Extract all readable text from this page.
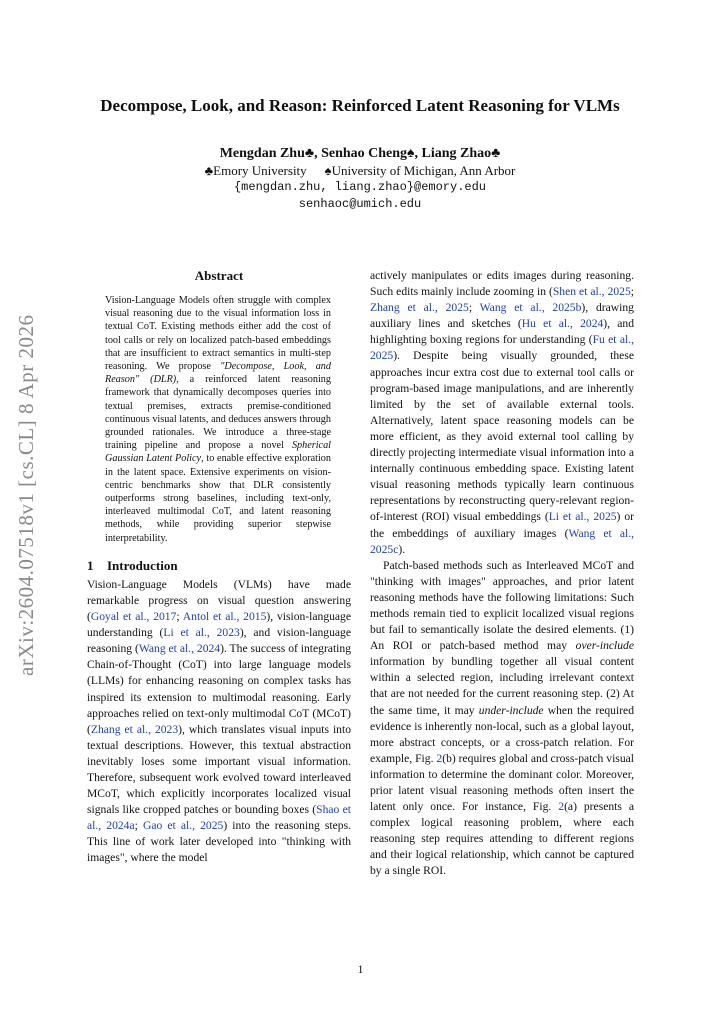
arXiv:2604.07518v1 [cs.CL] 8 Apr 2026
Decompose, Look, and Reason: Reinforced Latent Reasoning for VLMs
Mengdan Zhu♣, Senhao Cheng♠, Liang Zhao♣
♣Emory University ♠University of Michigan, Ann Arbor
{mengdan.zhu, liang.zhao}@emory.edu
senhaoc@umich.edu
Abstract
Vision-Language Models often struggle with complex visual reasoning due to the visual information loss in textual CoT. Existing methods either add the cost of tool calls or rely on localized patch-based embeddings that are insufficient to extract semantics in multi-step reasoning. We propose "Decompose, Look, and Reason" (DLR), a reinforced latent reasoning framework that dynamically decomposes queries into textual premises, extracts premise-conditioned continuous visual latents, and deduces answers through grounded rationales. We introduce a three-stage training pipeline and propose a novel Spherical Gaussian Latent Policy, to enable effective exploration in the latent space. Extensive experiments on vision-centric benchmarks show that DLR consistently outperforms strong baselines, including text-only, interleaved multimodal CoT, and latent reasoning methods, while providing superior stepwise interpretability.
1 Introduction

Vision-Language Models (VLMs) have made remarkable progress on visual question answering (Goyal et al., 2017; Antol et al., 2015), vision-language understanding (Li et al., 2023), and vision-language reasoning (Wang et al., 2024). The success of integrating Chain-of-Thought (CoT) into large language models (LLMs) for enhancing reasoning on complex tasks has inspired its extension to multimodal reasoning. Early approaches relied on text-only multimodal CoT (MCoT) (Zhang et al., 2023), which translates visual inputs into textual descriptions. However, this textual abstraction inevitably loses some important visual information. Therefore, subsequent work evolved toward interleaved MCoT, which explicitly incorporates localized visual signals like cropped patches or bounding boxes (Shao et al., 2024a; Gao et al., 2025) into the reasoning steps. This line of work later developed into "thinking with images", where the model

actively manipulates or edits images during reasoning. Such edits mainly include zooming in (Shen et al., 2025; Zhang et al., 2025; Wang et al., 2025b), drawing auxiliary lines and sketches (Hu et al., 2024), and highlighting boxing regions for understanding (Fu et al., 2025). Despite being visually grounded, these approaches incur extra cost due to external tool calls or program-based image manipulations, and are inherently limited by the set of available external tools. Alternatively, latent space reasoning models can be more efficient, as they avoid external tool calling by directly projecting intermediate visual information into a internally continuous embedding space. Existing latent visual reasoning methods typically learn continuous representations by reconstructing query-relevant region-of-interest (ROI) visual embeddings (Li et al., 2025) or the embeddings of auxiliary images (Wang et al., 2025c).

Patch-based methods such as Interleaved MCoT and "thinking with images" approaches, and prior latent reasoning methods have the following limitations: Such methods remain tied to explicit localized visual regions but fail to semantically isolate the desired elements. (1) An ROI or patch-based method may over-include information by bundling together all visual content within a selected region, including irrelevant context that are not needed for the current reasoning step. (2) At the same time, it may under-include when the required evidence is inherently non-local, such as a global layout, more abstract concepts, or a cross-patch relation. For example, Fig. 2(b) requires global and cross-patch visual information to determine the dominant color. Moreover, prior latent visual reasoning methods often insert the latent only once. For instance, Fig. 2(a) presents a complex logical reasoning problem, where each reasoning step requires attending to different regions and their logical relationship, which cannot be captured by a single ROI.

1
